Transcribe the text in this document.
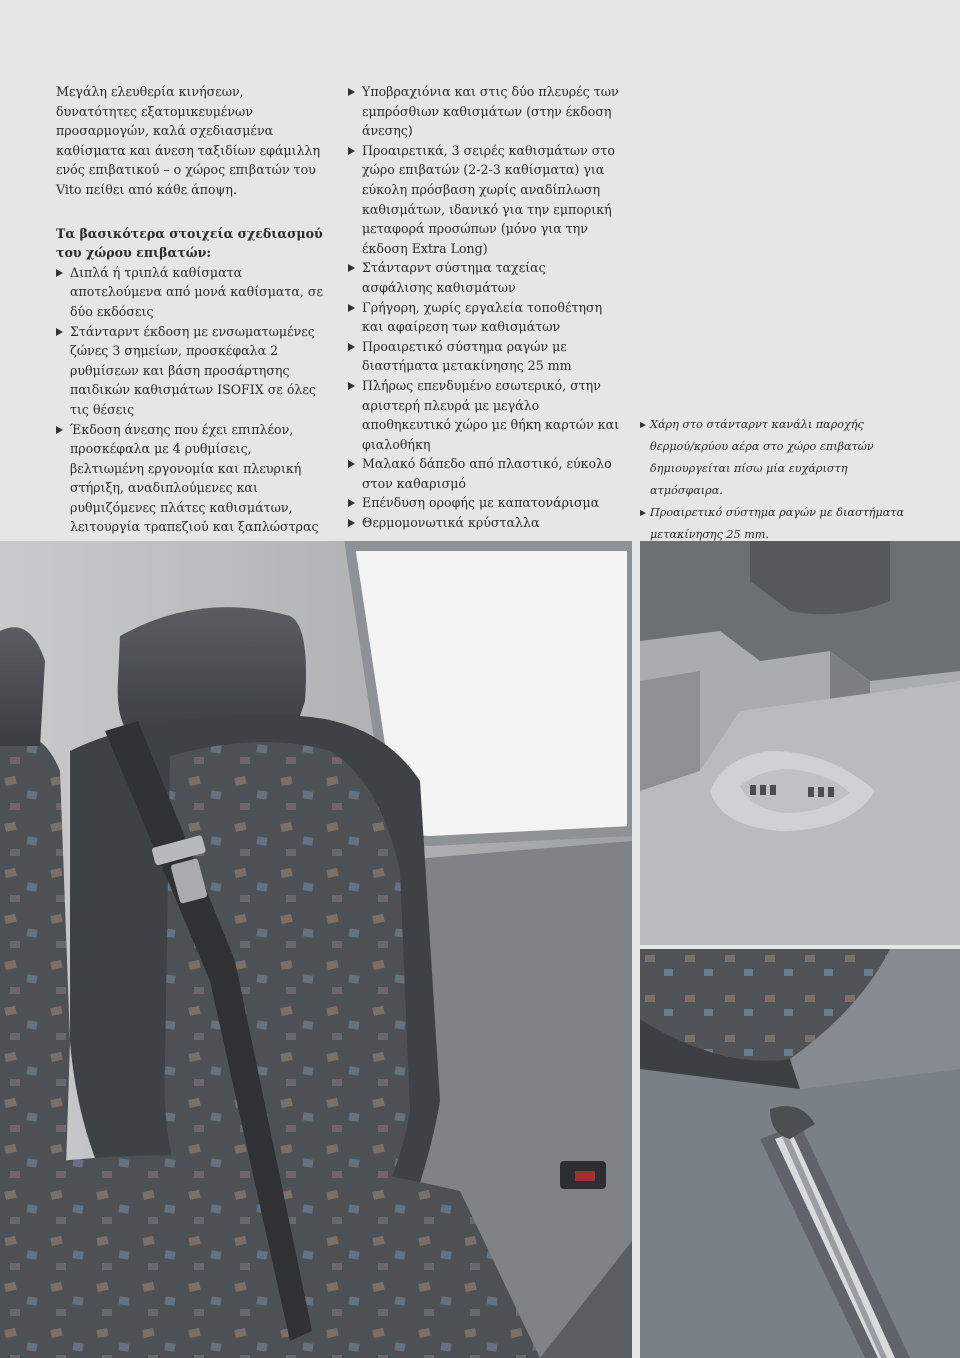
Μεγάλη ελευθερία κινήσεων, δυνατότητες εξατομικευμένων προσαρμογών, καλά σχεδιασμένα καθίσματα και άνεση ταξιδίων εφάμιλλη ενός επιβατικού – ο χώρος επιβατών του Vito πείθει από κάθε άποψη.

Τα βασικότερα στοιχεία σχεδιασμού του χώρου επιβατών:

Διπλά ή τριπλά καθίσματα αποτελούμενα από μονά καθίσματα, σε δύο εκδόσεις
Στάνταρντ έκδοση με ενσωματωμένες ζώνες 3 σημείων, προσκέφαλα 2 ρυθμίσεων και βάση προσάρτησης παιδικών καθισμάτων ISOFIX σε όλες τις θέσεις
Έκδοση άνεσης που έχει επιπλέον, προσκέφαλα με 4 ρυθμίσεις, βελτιωμένη εργονομία και πλευρική στήριξη, αναδιπλούμενες και ρυθμιζόμενες πλάτες καθισμάτων, λειτουργία τραπεζιού και ξαπλώστρας
Υποβραχιόνια και στις δύο πλευρές των εμπρόσθιων καθισμάτων (στην έκδοση άνεσης)
Προαιρετικά, 3 σειρές καθισμάτων στο χώρο επιβατών (2-2-3 καθίσματα) για εύκολη πρόσβαση χωρίς αναδίπλωση καθισμάτων, ιδανικό για την εμπορική μεταφορά προσώπων (μόνο για την έκδοση Extra Long)
Στάνταρντ σύστημα ταχείας ασφάλισης καθισμάτων
Γρήγορη, χωρίς εργαλεία τοποθέτηση και αφαίρεση των καθισμάτων
Προαιρετικό σύστημα ραγών με διαστήματα μετακίνησης 25 mm
Πλήρως επενδυμένο εσωτερικό, στην αριστερή πλευρά με μεγάλο αποθηκευτικό χώρο με θήκη καρτών και φιαλοθήκη
Μαλακό δάπεδο από πλαστικό, εύκολο στον καθαρισμό
Επένδυση οροφής με καπατονάρισμα
Θερμομονωτικά κρύσταλλα
Χάρη στο στάνταρντ κανάλι παροχής θερμού/κρύου αέρα στο χώρο επιβατών δημιουργείται πίσω μία ευχάριστη ατμόσφαιρα.
Προαιρετικό σύστημα ραγών με διαστήματα μετακίνησης 25 mm.
